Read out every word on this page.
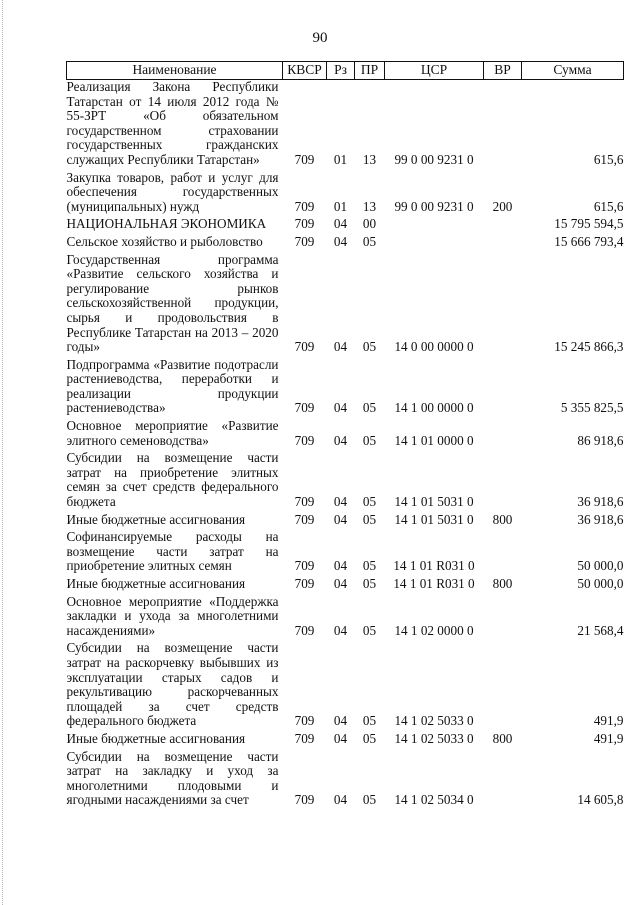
90
Наименование	КВСР	Рз	ПР	ЦСР	ВР	Сумма
Реализация Закона Республики Татарстан от 14 июля 2012 года № 55-ЗРТ «Об обязательном государственном страховании государственных гражданских служащих Республики Татарстан»	709	01	13	99 0 00 9231 0		615,6
Закупка товаров, работ и услуг для обеспечения государственных (муниципальных) нужд	709	01	13	99 0 00 9231 0	200	615,6
НАЦИОНАЛЬНАЯ ЭКОНОМИКА	709	04	00			15 795 594,5
Сельское хозяйство и рыболовство	709	04	05			15 666 793,4
Государственная программа «Развитие сельского хозяйства и регулирование рынков сельскохозяйственной продукции, сырья и продовольствия в Республике Татарстан на 2013 – 2020 годы»	709	04	05	14 0 00 0000 0		15 245 866,3
Подпрограмма «Развитие подотрасли растениеводства, переработки и реализации продукции растениеводства»	709	04	05	14 1 00 0000 0		5 355 825,5
Основное мероприятие «Развитие элитного семеноводства»	709	04	05	14 1 01 0000 0		86 918,6
Субсидии на возмещение части затрат на приобретение элитных семян за счет средств федерального бюджета	709	04	05	14 1 01 5031 0		36 918,6
Иные бюджетные ассигнования	709	04	05	14 1 01 5031 0	800	36 918,6
Софинансируемые расходы на возмещение части затрат на приобретение элитных семян	709	04	05	14 1 01 R031 0		50 000,0
Иные бюджетные ассигнования	709	04	05	14 1 01 R031 0	800	50 000,0
Основное мероприятие «Поддержка закладки и ухода за многолетними насаждениями»	709	04	05	14 1 02 0000 0		21 568,4
Субсидии на возмещение части затрат на раскорчевку выбывших из эксплуатации старых садов и рекультивацию раскорчеванных площадей за счет средств федерального бюджета	709	04	05	14 1 02 5033 0		491,9
Иные бюджетные ассигнования	709	04	05	14 1 02 5033 0	800	491,9
Субсидии на возмещение части затрат на закладку и уход за многолетними плодовыми и ягодными насаждениями за счет	709	04	05	14 1 02 5034 0		14 605,8
